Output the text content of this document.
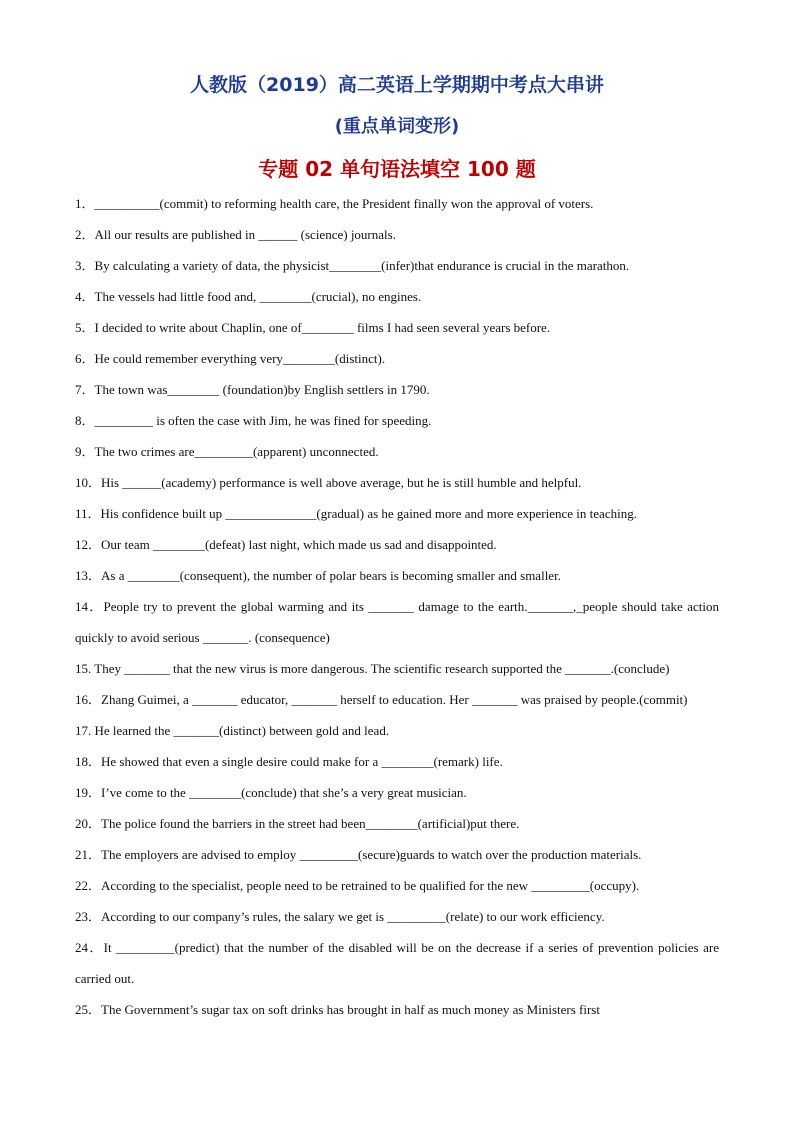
人教版（2019）高二英语上学期期中考点大串讲
(重点单词变形)
专题 02 单句语法填空 100 题

1．__________(commit) to reforming health care, the President finally won the approval of voters.

2．All our results are published in ______ (science) journals.

3．By calculating a variety of data, the physicist________(infer)that endurance is crucial in the marathon.

4．The vessels had little food and, ________(crucial), no engines.

5．I decided to write about Chaplin, one of________ films I had seen several years before.

6．He could remember everything very________(distinct).

7．The town was________ (foundation)by English settlers in 1790.

8．_________ is often the case with Jim, he was fined for speeding.

9．The two crimes are_________(apparent) unconnected.

10．His ______(academy) performance is well above average, but he is still humble and helpful.

11．His confidence built up ______________(gradual) as he gained more and more experience in teaching.

12．Our team ________(defeat) last night, which made us sad and disappointed.

13．As a ________(consequent), the number of polar bears is becoming smaller and smaller.

14．People try to prevent the global warming and its _______ damage to the earth._______,_people should take action quickly to avoid serious _______. (consequence)

15. They _______ that the new virus is more dangerous. The scientific research supported the _______.(conclude)

16．Zhang Guimei, a _______ educator, _______ herself to education. Her _______ was praised by people.(commit)

17. He learned the _______(distinct) between gold and lead.

18．He showed that even a single desire could make for a ________(remark) life.

19．I’ve come to the ________(conclude) that she’s a very great musician.

20．The police found the barriers in the street had been________(artificial)put there.

21．The employers are advised to employ _________(secure)guards to watch over the production materials.

22．According to the specialist, people need to be retrained to be qualified for the new _________(occupy).

23．According to our company’s rules, the salary we get is _________(relate) to our work efficiency.

24．It _________(predict) that the number of the disabled will be on the decrease if a series of prevention policies are carried out.

25．The Government’s sugar tax on soft drinks has brought in half as much money as Ministers first
